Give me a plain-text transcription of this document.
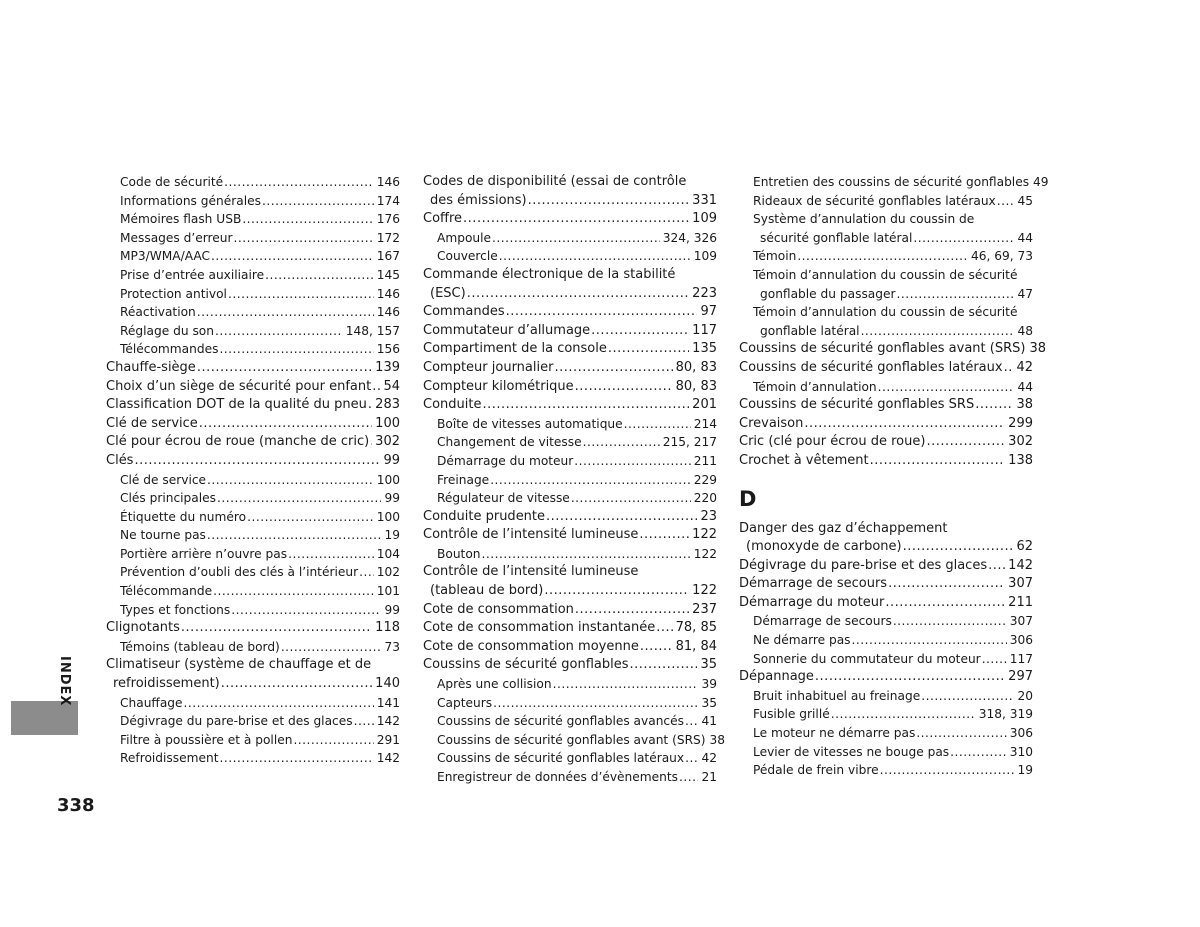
Code de sécurité .....	146
Informations générales .....	174
Mémoires flash USB .....	176
Messages d’erreur .....	172
MP3/WMA/AAC .....	167
Prise d’entrée auxiliaire .....	145
Protection antivol .....	146
Réactivation .....	146
Réglage du son .....	148, 157
Télécommandes .....	156
Chauffe-siège .....	139
Choix d’un siège de sécurité pour enfant ..... 54
Classification DOT de la qualité du pneu ..... 283
Clé de service .....	100
Clé pour écrou de roue (manche de cric) ..... 302
Clés .....	99
Clé de service .....	100
Clés principales .....	99
Étiquette du numéro .....	100
Ne tourne pas .....	19
Portière arrière n’ouvre pas .....	104
Prévention d’oubli des clés à l’intérieur ..... 102
Télécommande .....	101
Types et fonctions .....	99
Clignotants .....	118
Témoins (tableau de bord) .....	73
Climatiseur (système de chauffage et de
refroidissement) .....	140
Chauffage .....	141
Dégivrage du pare-brise et des glaces ..... 142
Filtre à poussière et à pollen .....	291
Refroidissement .....	142
Codes de disponibilité (essai de contrôle
des émissions) .....	331
Coffre .....	109
Ampoule .....	324, 326
Couvercle .....	109
Commande électronique de la stabilité
(ESC) .....	223
Commandes .....	97
Commutateur d’allumage .....	117
Compartiment de la console .....	135
Compteur journalier .....	80, 83
Compteur kilométrique .....	80, 83
Conduite .....	201
Boîte de vitesses automatique .....	214
Changement de vitesse .....	215, 217
Démarrage du moteur .....	211
Freinage .....	229
Régulateur de vitesse .....	220
Conduite prudente .....	23
Contrôle de l’intensité lumineuse .....	122
Bouton .....	122
Contrôle de l’intensité lumineuse
(tableau de bord) .....	122
Cote de consommation .....	237
Cote de consommation instantanée ..... 78, 85
Cote de consommation moyenne .....	81, 84
Coussins de sécurité gonflables .....	35
Après une collision .....	39
Capteurs .....	35
Coussins de sécurité gonflables avancés ..... 41
Coussins de sécurité gonflables avant (SRS) 38
Coussins de sécurité gonflables latéraux ..... 42
Enregistreur de données d’évènements ..... 21
Entretien des coussins de sécurité gonflables 49
Rideaux de sécurité gonflables latéraux ..... 45
Système d’annulation du coussin de
sécurité gonflable latéral .....	44
Témoin .....	46, 69, 73
Témoin d’annulation du coussin de sécurité
gonflable du passager .....	47
Témoin d’annulation du coussin de sécurité
gonflable latéral .....	48
Coussins de sécurité gonflables avant (SRS) 38
Coussins de sécurité gonflables latéraux ..... 42
Témoin d’annulation .....	44
Coussins de sécurité gonflables SRS .....	38
Crevaison .....	299
Cric (clé pour écrou de roue) .....	302
Crochet à vêtement .....	138
D
Danger des gaz d’échappement
(monoxyde de carbone) .....	62
Dégivrage du pare-brise et des glaces ..... 142
Démarrage de secours .....	307
Démarrage du moteur .....	211
Démarrage de secours .....	307
Ne démarre pas .....	306
Sonnerie du commutateur du moteur ..... 117
Dépannage .....	297
Bruit inhabituel au freinage .....	20
Fusible grillé .....	318, 319
Le moteur ne démarre pas .....	306
Levier de vitesses ne bouge pas .....	310
Pédale de frein vibre .....	19
INDEX
338
